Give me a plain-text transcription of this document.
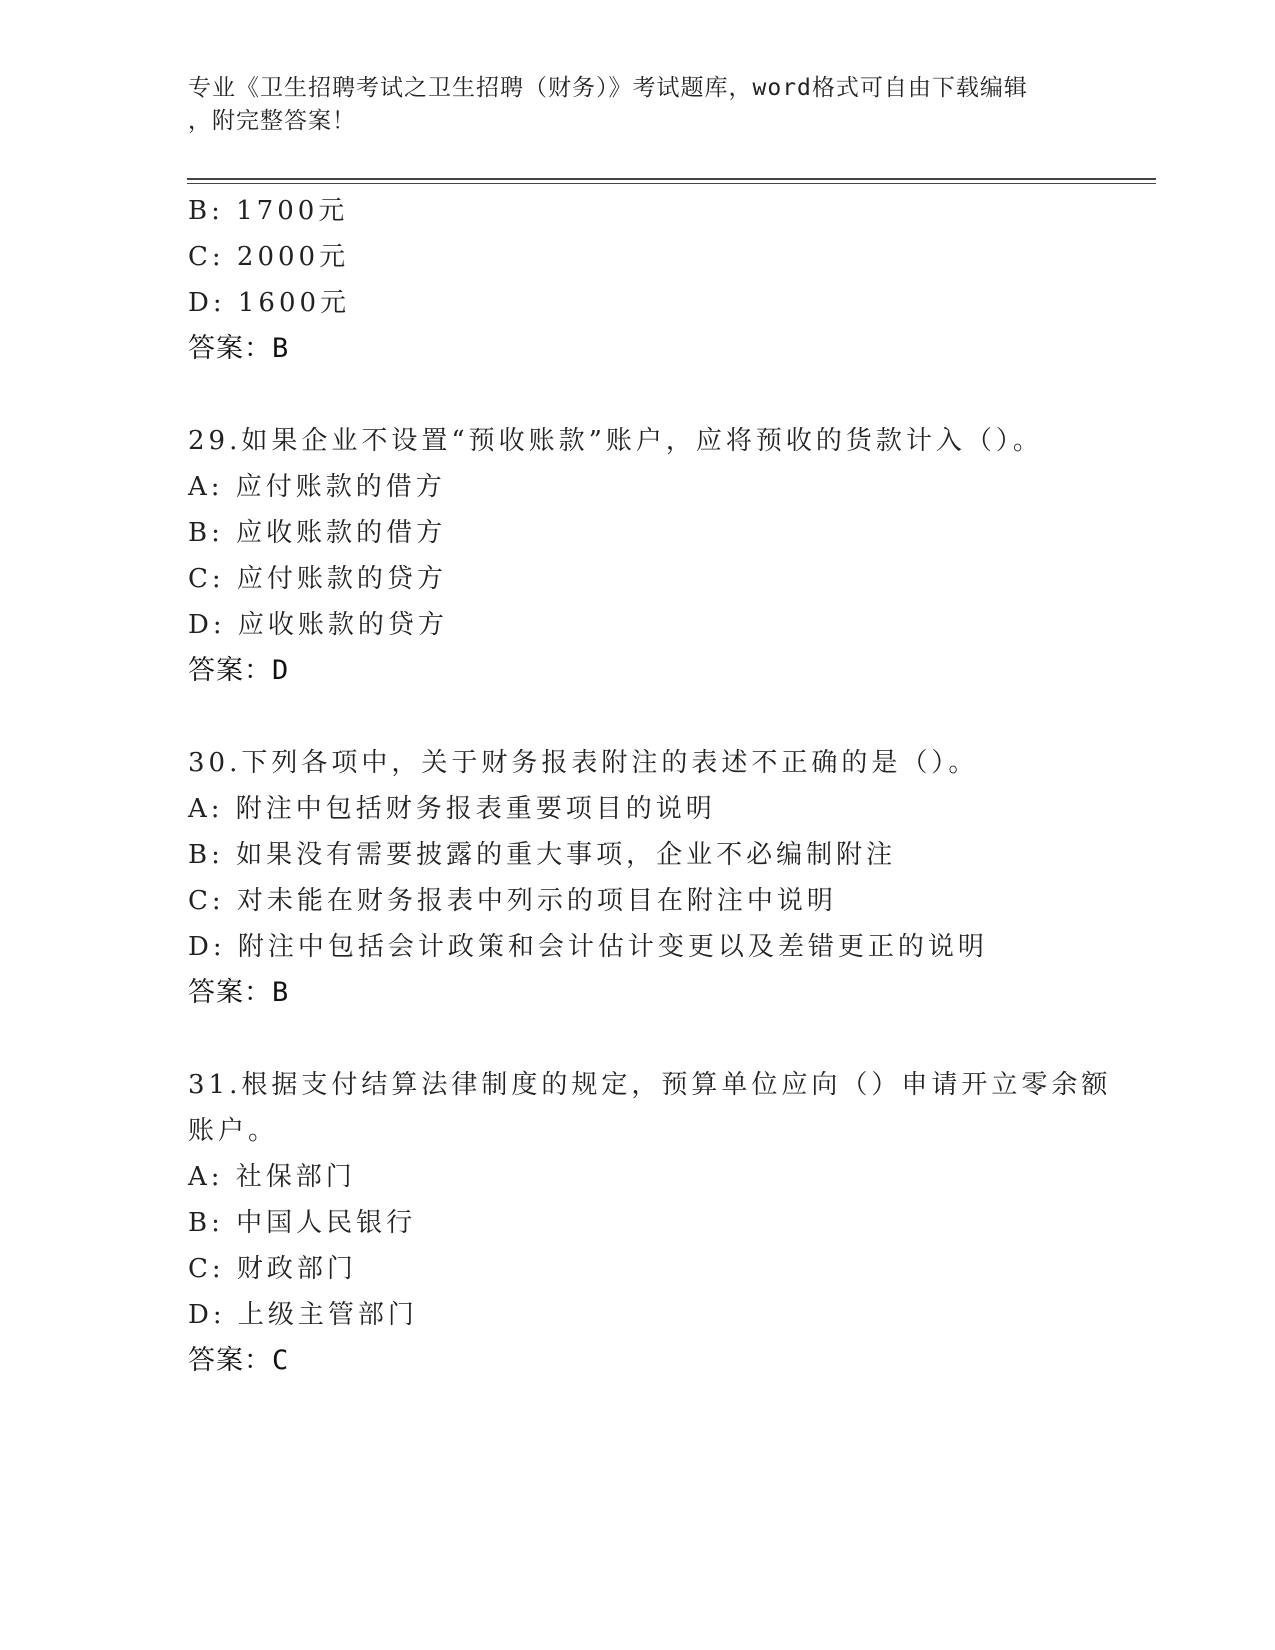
专业《卫生招聘考试之卫生招聘（财务）》考试题库，word格式可自由下载编辑
，附完整答案！
B: 1700元
C: 2000元
D: 1600元
答案：B
29.如果企业不设置“预收账款”账户，应将预收的货款计入（）。
A: 应付账款的借方
B: 应收账款的借方
C: 应付账款的贷方
D: 应收账款的贷方
答案：D
30.下列各项中，关于财务报表附注的表述不正确的是（）。
A: 附注中包括财务报表重要项目的说明
B: 如果没有需要披露的重大事项，企业不必编制附注
C: 对未能在财务报表中列示的项目在附注中说明
D: 附注中包括会计政策和会计估计变更以及差错更正的说明
答案：B
31.根据支付结算法律制度的规定，预算单位应向（）申请开立零余额
账户。
A: 社保部门
B: 中国人民银行
C: 财政部门
D: 上级主管部门
答案：C
